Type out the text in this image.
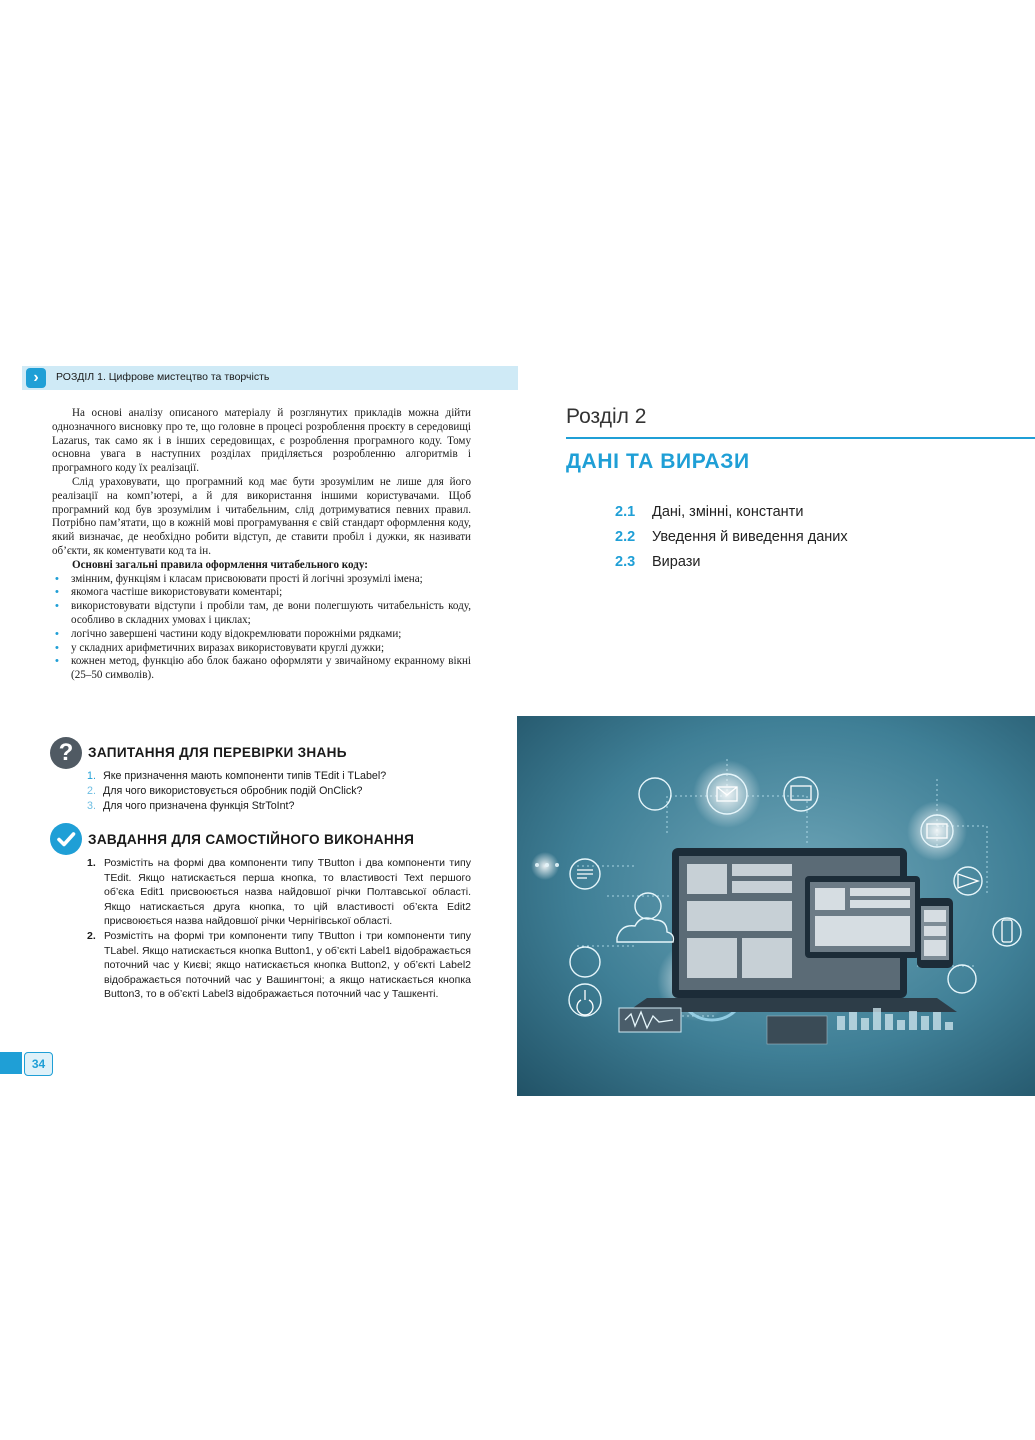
›	РОЗДІЛ 1. Цифрове мистецтво та творчість

На основі аналізу описаного матеріалу й розглянутих прикладів можна дійти однозначного висновку про те, що головне в процесі розроблення проєкту в середовищі Lazarus, так само як і в інших середовищах, є розроблення програмного коду. Тому основна увага в наступних розділах приділяється розробленню алгоритмів і програмного коду їх реалізації.

Слід ураховувати, що програмний код має бути зрозумілим не лише для його реалізації на комп’ютері, а й для використання іншими користувачами. Щоб програмний код був зрозумілим і читабельним, слід дотримуватися певних правил. Потрібно пам’ятати, що в кожній мові програмування є свій стандарт оформлення коду, який визначає, де необхідно робити відступ, де ставити пробіл і дужки, як називати об’єкти, як коментувати код та ін.

Основні загальні правила оформлення читабельного коду:

• змінним, функціям і класам присвоювати прості й логічні зрозумілі імена;
• якомога частіше використовувати коментарі;
• використовувати відступи і пробіли там, де вони полегшують читабельність коду, особливо в складних умовах і циклах;
• логічно завершені частини коду відокремлювати порожніми рядками;
• у складних арифметичних виразах використовувати круглі дужки;
• кожнен метод, функцію або блок бажано оформляти у звичайному екранному вікні (25–50 символів).
?	ЗАПИТАННЯ ДЛЯ ПЕРЕВІРКИ ЗНАНЬ
1. Яке призначення мають компоненти типів TEdit і TLabel?
2. Для чого використовується обробник подій OnClick?
3. Для чого призначена функція StrToInt?
ЗАВДАННЯ ДЛЯ САМОСТІЙНОГО ВИКОНАННЯ
1. Розмістіть на формі два компоненти типу TButton і два компоненти типу TEdit. Якщо натискається перша кнопка, то властивості Text першого об’єка Edit1 присвоюється назва найдовшої річки Полтавської області. Якщо натискається друга кнопка, то цій властивості об’єкта Edit2 присвоюється назва найдовшої річки Чернігівської області.
2. Розмістіть на формі три компоненти типу TButton і три компоненти типу TLabel. Якщо натискається кнопка Button1, у об’єкті Label1 відображається поточний час у Києві; якщо натискається кнопка Button2, у об’єкті Label2 відображається поточний час у Вашингтоні; а якщо натискається кнопка Button3, то в об’єкті Label3 відображається поточний час у Ташкенті.
34
Розділ 2
ДАНІ ТА ВИРАЗИ
2.1	Дані, змінні, константи
2.2	Уведення й виведення даних
2.3	Вирази
